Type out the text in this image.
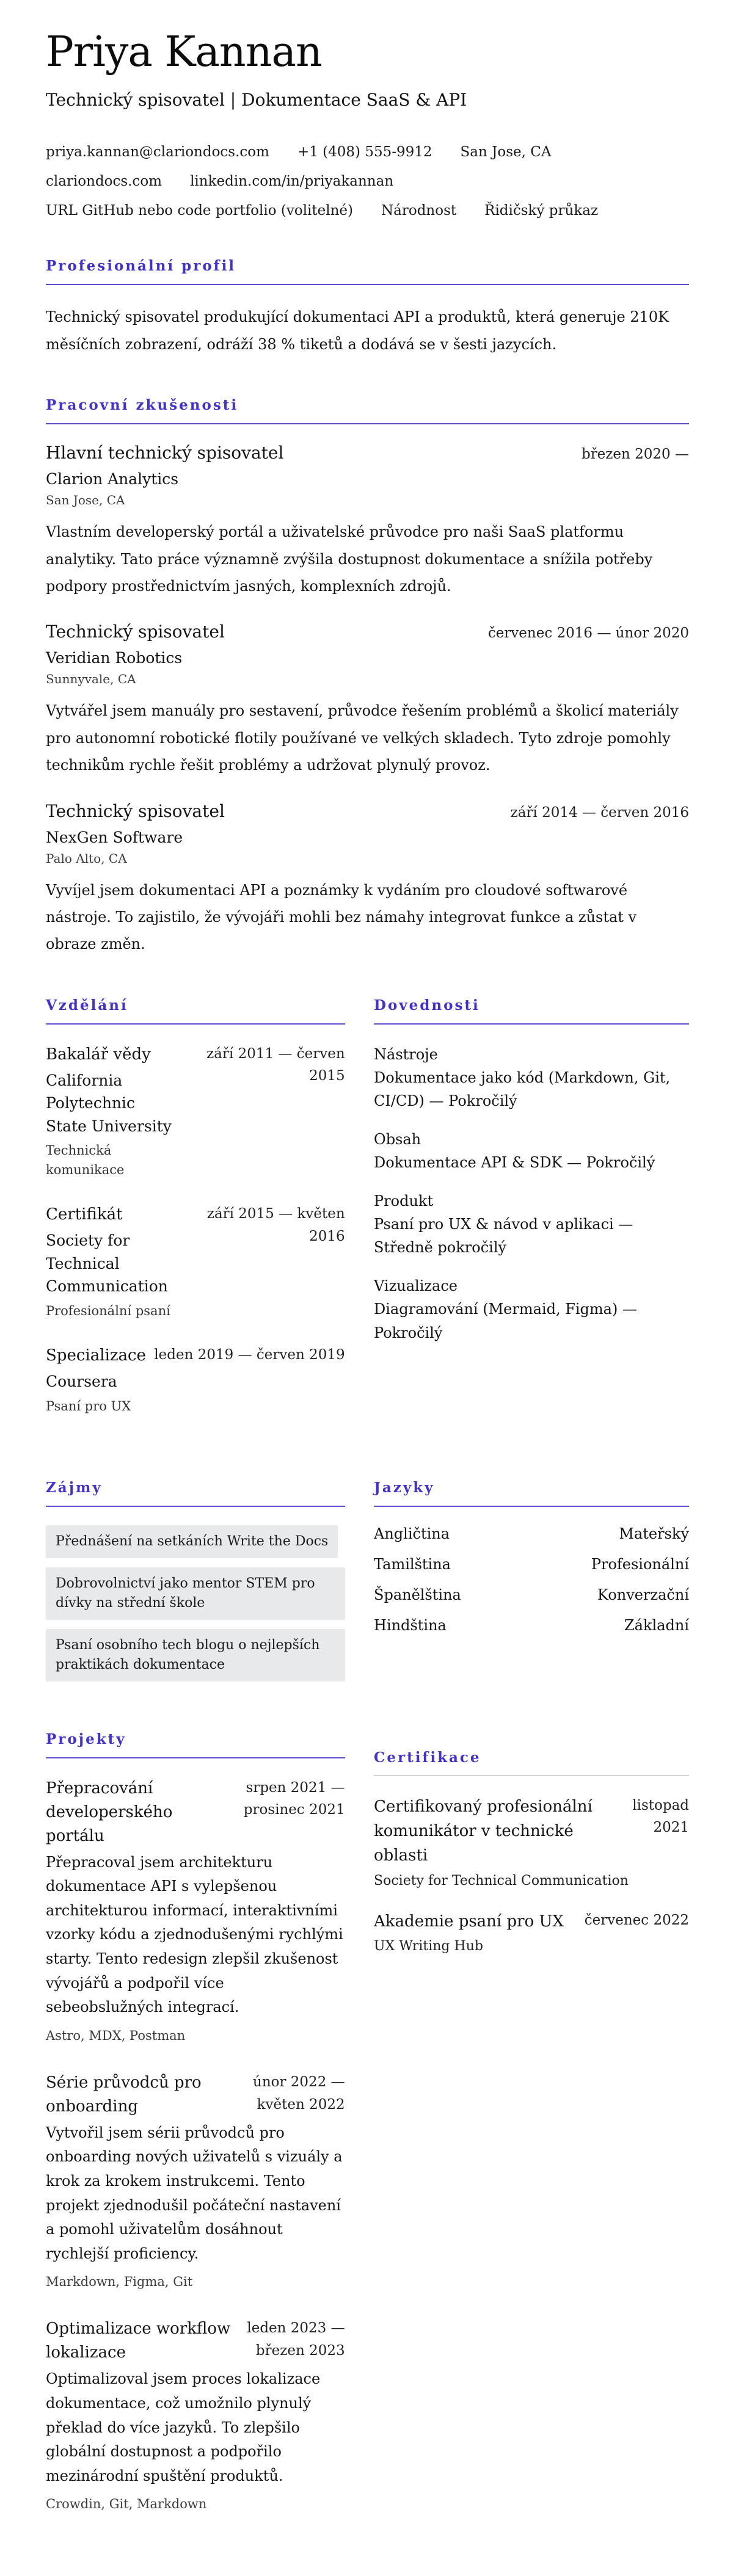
Priya Kannan
Technický spisovatel | Dokumentace SaaS & API
priya.kannan@clariondocs.com +1 (408) 555-9912 San Jose, CA
clariondocs.com linkedin.com/in/priyakannan
URL GitHub nebo code portfolio (volitelné) Národnost Řidičský průkaz
Profesionální profil

Technický spisovatel produkující dokumentaci API a produktů, která generuje 210K měsíčních zobrazení, odráží 38 % tiketů a dodává se v šesti jazycích.

Pracovní zkušenosti
Hlavní technický spisovatel	březen 2020 —

Clarion Analytics

San Jose, CA

Vlastním developerský portál a uživatelské průvodce pro naši SaaS platformu analytiky. Tato práce významně zvýšila dostupnost dokumentace a snížila potřeby podpory prostřednictvím jasných, komplexních zdrojů.

Technický spisovatel	červenec 2016 — únor 2020

Veridian Robotics

Sunnyvale, CA

Vytvářel jsem manuály pro sestavení, průvodce řešením problémů a školicí materiály pro autonomní robotické flotily používané ve velkých skladech. Tyto zdroje pomohly technikům rychle řešit problémy a udržovat plynulý provoz.

Technický spisovatel	září 2014 — červen 2016

NexGen Software

Palo Alto, CA

Vyvíjel jsem dokumentaci API a poznámky k vydáním pro cloudové softwarové nástroje. To zajistilo, že vývojáři mohli bez námahy integrovat funkce a zůstat v obraze změn.

Vzdělání
Bakalář vědy
California Polytechnic State University
Technická komunikace
září 2011 — červen 2015
Certifikát
Society for Technical Communication
Profesionální psaní
září 2015 — květen 2016
Specializace
Coursera
Psaní pro UX
leden 2019 — červen 2019
Dovednosti
Nástroje
Dokumentace jako kód (Markdown, Git, CI/CD) — Pokročilý
Obsah
Dokumentace API & SDK — Pokročilý
Produkt
Psaní pro UX & návod v aplikaci — Středně pokročilý
Vizualizace
Diagramování (Mermaid, Figma) — Pokročilý
Zájmy
Přednášení na setkáních Write the Docs
Dobrovolnictví jako mentor STEM pro dívky na střední škole
Psaní osobního tech blogu o nejlepších praktikách dokumentace
Jazyky
Angličtina	Mateřský
Tamilština	Profesionální
Španělština	Konverzační
Hindština	Základní
Projekty
Přepracování developerského portálu
srpen 2021 — prosinec 2021
Přepracoval jsem architekturu dokumentace API s vylepšenou architekturou informací, interaktivními vzorky kódu a zjednodušenými rychlými starty. Tento redesign zlepšil zkušenost vývojářů a podpořil více sebeobslužných integrací.
Astro, MDX, Postman
Série průvodců pro onboarding
únor 2022 — květen 2022
Vytvořil jsem sérii průvodců pro onboarding nových uživatelů s vizuály a krok za krokem instrukcemi. Tento projekt zjednodušil počáteční nastavení a pomohl uživatelům dosáhnout rychlejší proficiency.
Markdown, Figma, Git
Optimalizace workflow lokalizace
leden 2023 — březen 2023
Optimalizoval jsem proces lokalizace dokumentace, což umožnilo plynulý překlad do více jazyků. To zlepšilo globální dostupnost a podpořilo mezinárodní spuštění produktů.
Crowdin, Git, Markdown
Certifikace
Certifikovaný profesionální komunikátor v technické oblasti
listopad 2021
Society for Technical Communication
Akademie psaní pro UX	červenec 2022
UX Writing Hub
